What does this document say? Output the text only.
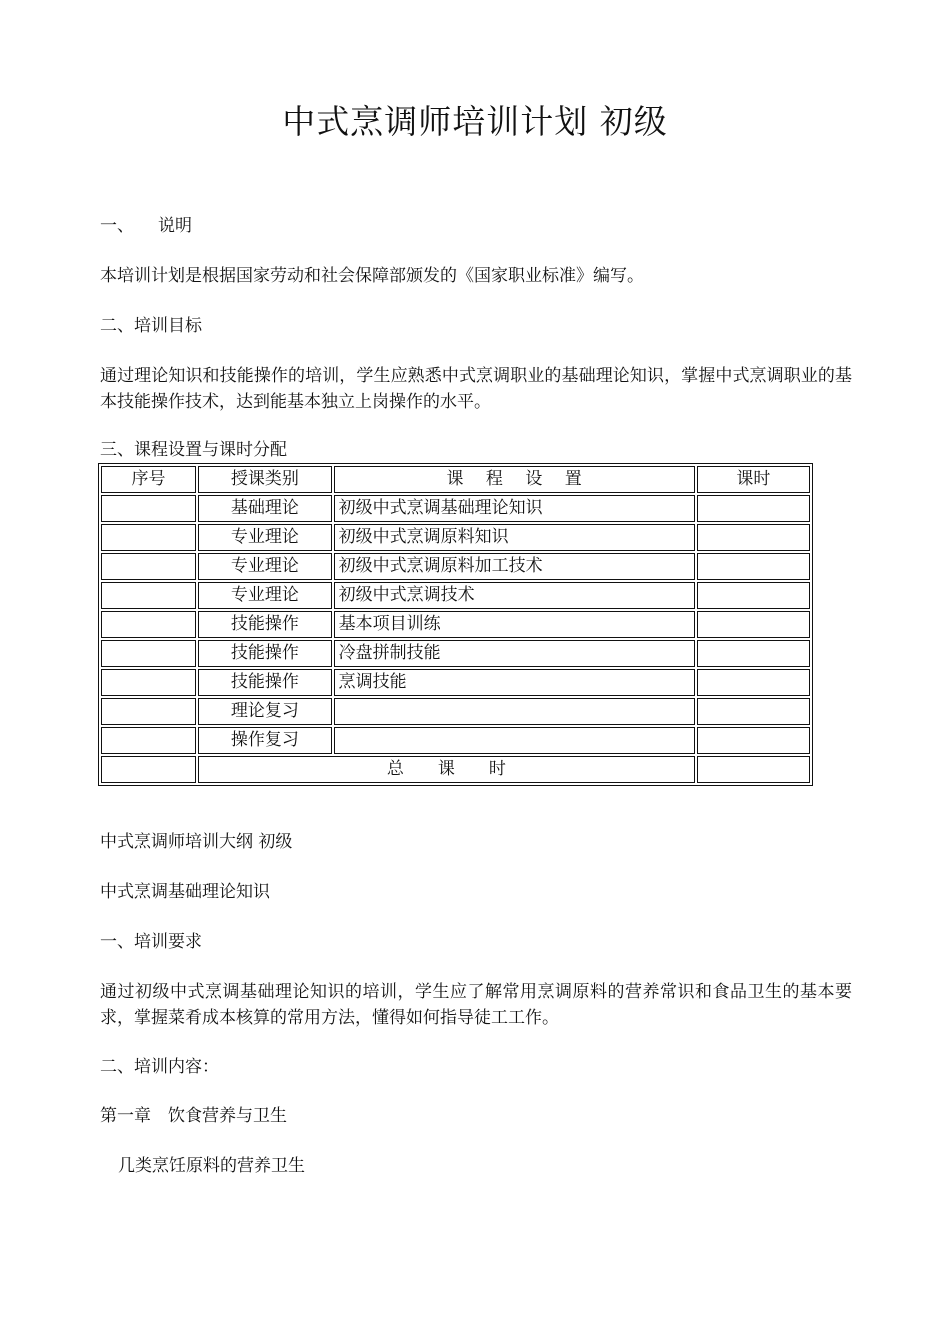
中式烹调师培训计划 初级
一、 说明
本培训计划是根据国家劳动和社会保障部颁发的《国家职业标准》编写。
二、培训目标
通过理论知识和技能操作的培训，学生应熟悉中式烹调职业的基础理论知识，掌握中式烹调职业的基本技能操作技术，达到能基本独立上岗操作的水平。
三、课程设置与课时分配
序号	授课类别	课　 程　 设　 置	课时
	基础理论	初级中式烹调基础理论知识	
	专业理论	初级中式烹调原料知识	
	专业理论	初级中式烹调原料加工技术	
	专业理论	初级中式烹调技术	
	技能操作	基本项目训练	
	技能操作	冷盘拼制技能	
	技能操作	烹调技能	
	理论复习		
	操作复习		
	总　　课　　时		
中式烹调师培训大纲 初级
中式烹调基础理论知识
一、培训要求
通过初级中式烹调基础理论知识的培训，学生应了解常用烹调原料的营养常识和食品卫生的基本要求，掌握菜肴成本核算的常用方法，懂得如何指导徒工工作。
二、培训内容：
第一章　饮食营养与卫生
几类烹饪原料的营养卫生
